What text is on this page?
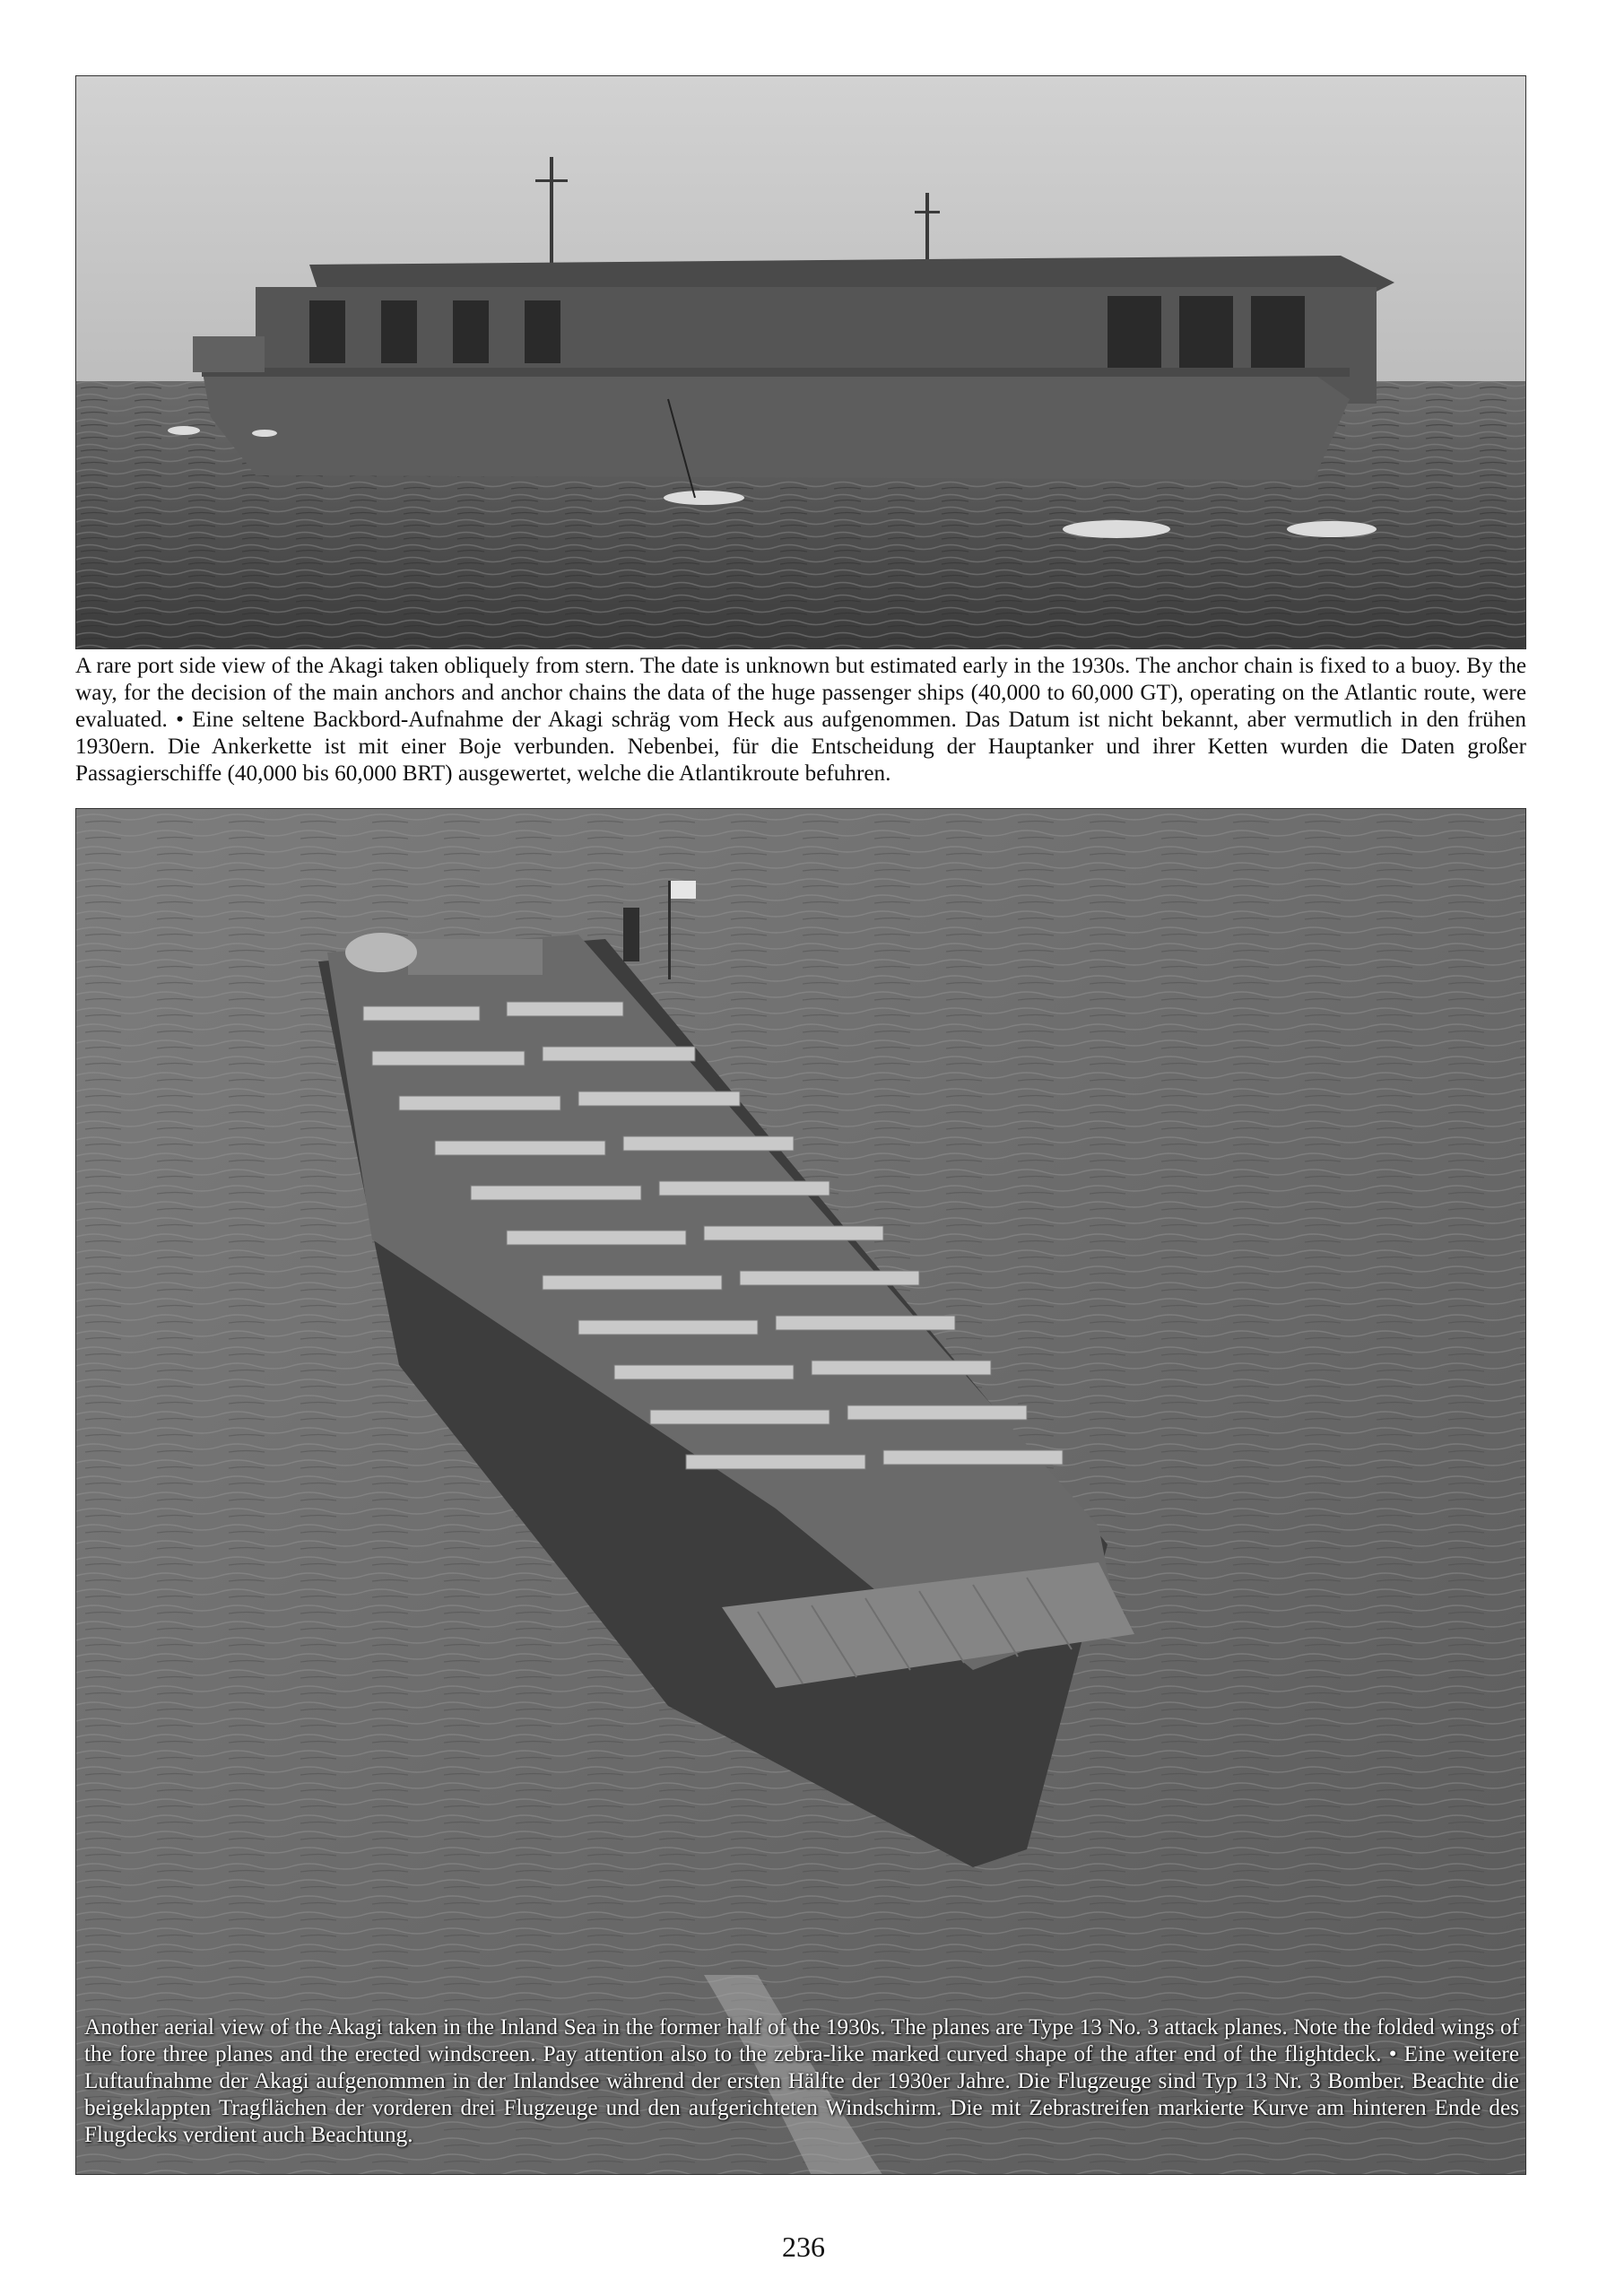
A rare port side view of the Akagi taken obliquely from stern. The date is unknown but estimated early in the 1930s. The anchor chain is fixed to a buoy. By the way, for the decision of the main anchors and anchor chains the data of the huge passenger ships (40,000 to 60,000 GT), operating on the Atlantic route, were evaluated. • Eine seltene Backbord-Aufnahme der Akagi schräg vom Heck aus aufgenommen. Das Datum ist nicht bekannt, aber vermutlich in den frühen 1930ern. Die Ankerkette ist mit einer Boje verbunden. Nebenbei, für die Entscheidung der Hauptanker und ihrer Ketten wurden die Daten großer Passagierschiffe (40,000 bis 60,000 BRT) ausgewertet, welche die Atlantikroute befuhren.

Another aerial view of the Akagi taken in the Inland Sea in the former half of the 1930s. The planes are Type 13 No. 3 attack planes. Note the folded wings of the fore three planes and the erected windscreen. Pay attention also to the zebra-like marked curved shape of the after end of the flightdeck. • Eine weitere Luftaufnahme der Akagi aufgenommen in der Inlandsee während der ersten Hälfte der 1930er Jahre. Die Flugzeuge sind Typ 13 Nr. 3 Bomber. Beachte die beigeklappten Tragflächen der vorderen drei Flugzeuge und den aufgerichteten Windschirm. Die mit Zebrastreifen markierte Kurve am hinteren Ende des Flugdecks verdient auch Beachtung.

236
